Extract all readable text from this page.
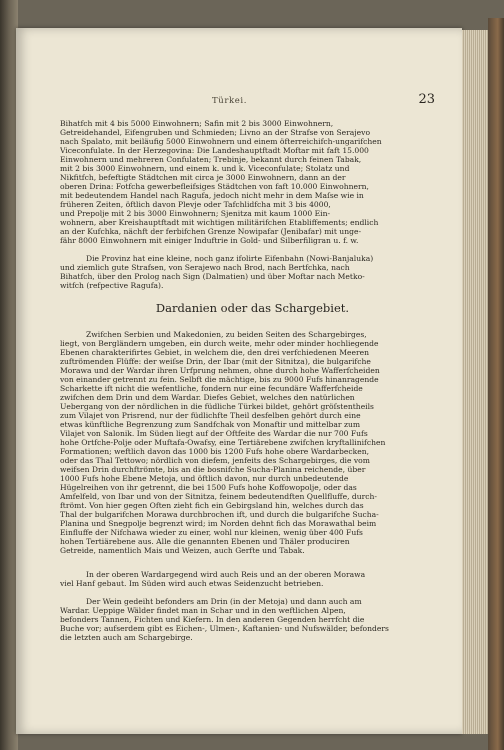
Türkei.	23
Bihatfch mit 4 bis 5000 Einwohnern; Safin mit 2 bis 3000 Einwohnern,
Getreidehandel, Eifengruben und Schmieden; Livno an der Strafse von Serajevo
nach Spalato, mit beiläufig 5000 Einwohnern und einem öfterreichifch-ungarifchen
Viceconfulate. In der Herzegovina: Die Landeshauptftadt Moftar mit faft 15.000
Einwohnern und mehreren Confulaten; Trebinje, bekannt durch feinen Tabak,
mit 2 bis 3000 Einwohnern, und einem k. und k. Viceconfulate; Stolatz und
Nikfitfch, befeftigte Städtchen mit circa je 3000 Einwohnern, dann an der
oberen Drina: Fotfcha gewerbefleifsiges Städtchen von faft 10.000 Einwohnern,
mit bedeutendem Handel nach Ragufa, jedoch nicht mehr in dem Maſse wie in
früheren Zeiten, öftlich davon Plevje oder Tafchlidfcha mit 3 bis 4000,
und Prepolje mit 2 bis 3000 Einwohnern; Sjenitza mit kaum 1000 Ein-
wohnern, aber Kreishauptftadt mit wichtigen militärifchen Etabliffements; endlich
an der Kufchka, nächft der ferbifchen Grenze Nowipafar (Jenibafar) mit unge-
fähr 8000 Einwohnern mit einiger Induftrie in Gold- und Silberfiligran u. f. w.
Die Provinz hat eine kleine, noch ganz ifolirte Eifenbahn (Nowi-Banjaluka)
und ziemlich gute Strafsen, von Serajewo nach Brod, nach Bertfchka, nach
Bihatfch, über den Prolog nach Sign (Dalmatien) und über Moftar nach Metko-
witfch (refpective Ragufa).
Dardanien oder das Schargebiet.
Zwifchen Serbien und Makedonien, zu beiden Seiten des Schargebirges,
liegt, von Bergländern umgeben, ein durch weite, mehr oder minder hochliegende
Ebenen charakterifirtes Gebiet, in welchem die, den drei verfchiedenen Meeren
zuftrömenden Flüffe: der weiſse Drin, der Ibar (mit der Sitnitza), die bulgarifche
Morawa und der Wardar ihren Urfprung nehmen, ohne durch hohe Wafferfcheiden
von einander getrennt zu fein. Selbft die mächtige, bis zu 9000 Fufs hinanragende
Scharkette ift nicht die wefentliche, fondern nur eine fecundäre Wafferfcheide
zwifchen dem Drin und dem Wardar. Diefes Gebiet, welches den natürlichen
Uebergang von der nördlichen in die füdliche Türkei bildet, gehört gröſstentheils
zum Vilajet von Prisrend, nur der füdlichfte Theil desfelben gehört durch eine
etwas künftliche Begrenzung zum Sandfchak von Monaftir und mittelbar zum
Vilajet von Salonik. Im Süden liegt auf der Oftfeite des Wardar die nur 700 Fufs
hohe Ortfche-Polje oder Muftafa-Owafsy, eine Tertiärebene zwifchen kryftallinifchen
Formationen; weftlich davon das 1000 bis 1200 Fufs hohe obere Wardarbecken,
oder das Thal Tettowo; nördlich von diefem, jenfeits des Schargebirges, die vom
weifsen Drin durchftrömte, bis an die bosnifche Sucha-Planina reichende, über
1000 Fufs hohe Ebene Metoja, und öftlich davon, nur durch unbedeutende
Hügelreihen von ihr getrennt, die bei 1500 Fufs hohe Koffowopolje, oder das
Amfelfeld, von Ibar und von der Sitnitza, feinem bedeutendften Quellfluffe, durch-
ftrömt. Von hier gegen Often zieht fich ein Gebirgsland hin, welches durch das
Thal der bulgarifchen Morawa durchbrochen ift, und durch die bulgarifche Sucha-
Planina und Snegpolje begrenzt wird; im Norden dehnt fich das Morawathal beim
Einfluffe der Nifchawa wieder zu einer, wohl nur kleinen, wenig über 400 Fufs
hohen Tertiärebene aus. Alle die genannten Ebenen und Thäler produciren
Getreide, namentlich Mais und Weizen, auch Gerfte und Tabak.
In der oberen Wardargegend wird auch Reis und an der oberen Morawa
viel Hanf gebaut. Im Süden wird auch etwas Seidenzucht betrieben.
Der Wein gedeiht befonders am Drin (in der Metoja) und dann auch am
Wardar. Ueppige Wälder findet man in Schar und in den weftlichen Alpen,
befonders Tannen, Fichten und Kiefern. In den anderen Gegenden herrfcht die
Buche vor; aufserdem gibt es Eichen-, Ulmen-, Kaftanien- und Nufswälder, befonders
die letzten auch am Schargebirge.
